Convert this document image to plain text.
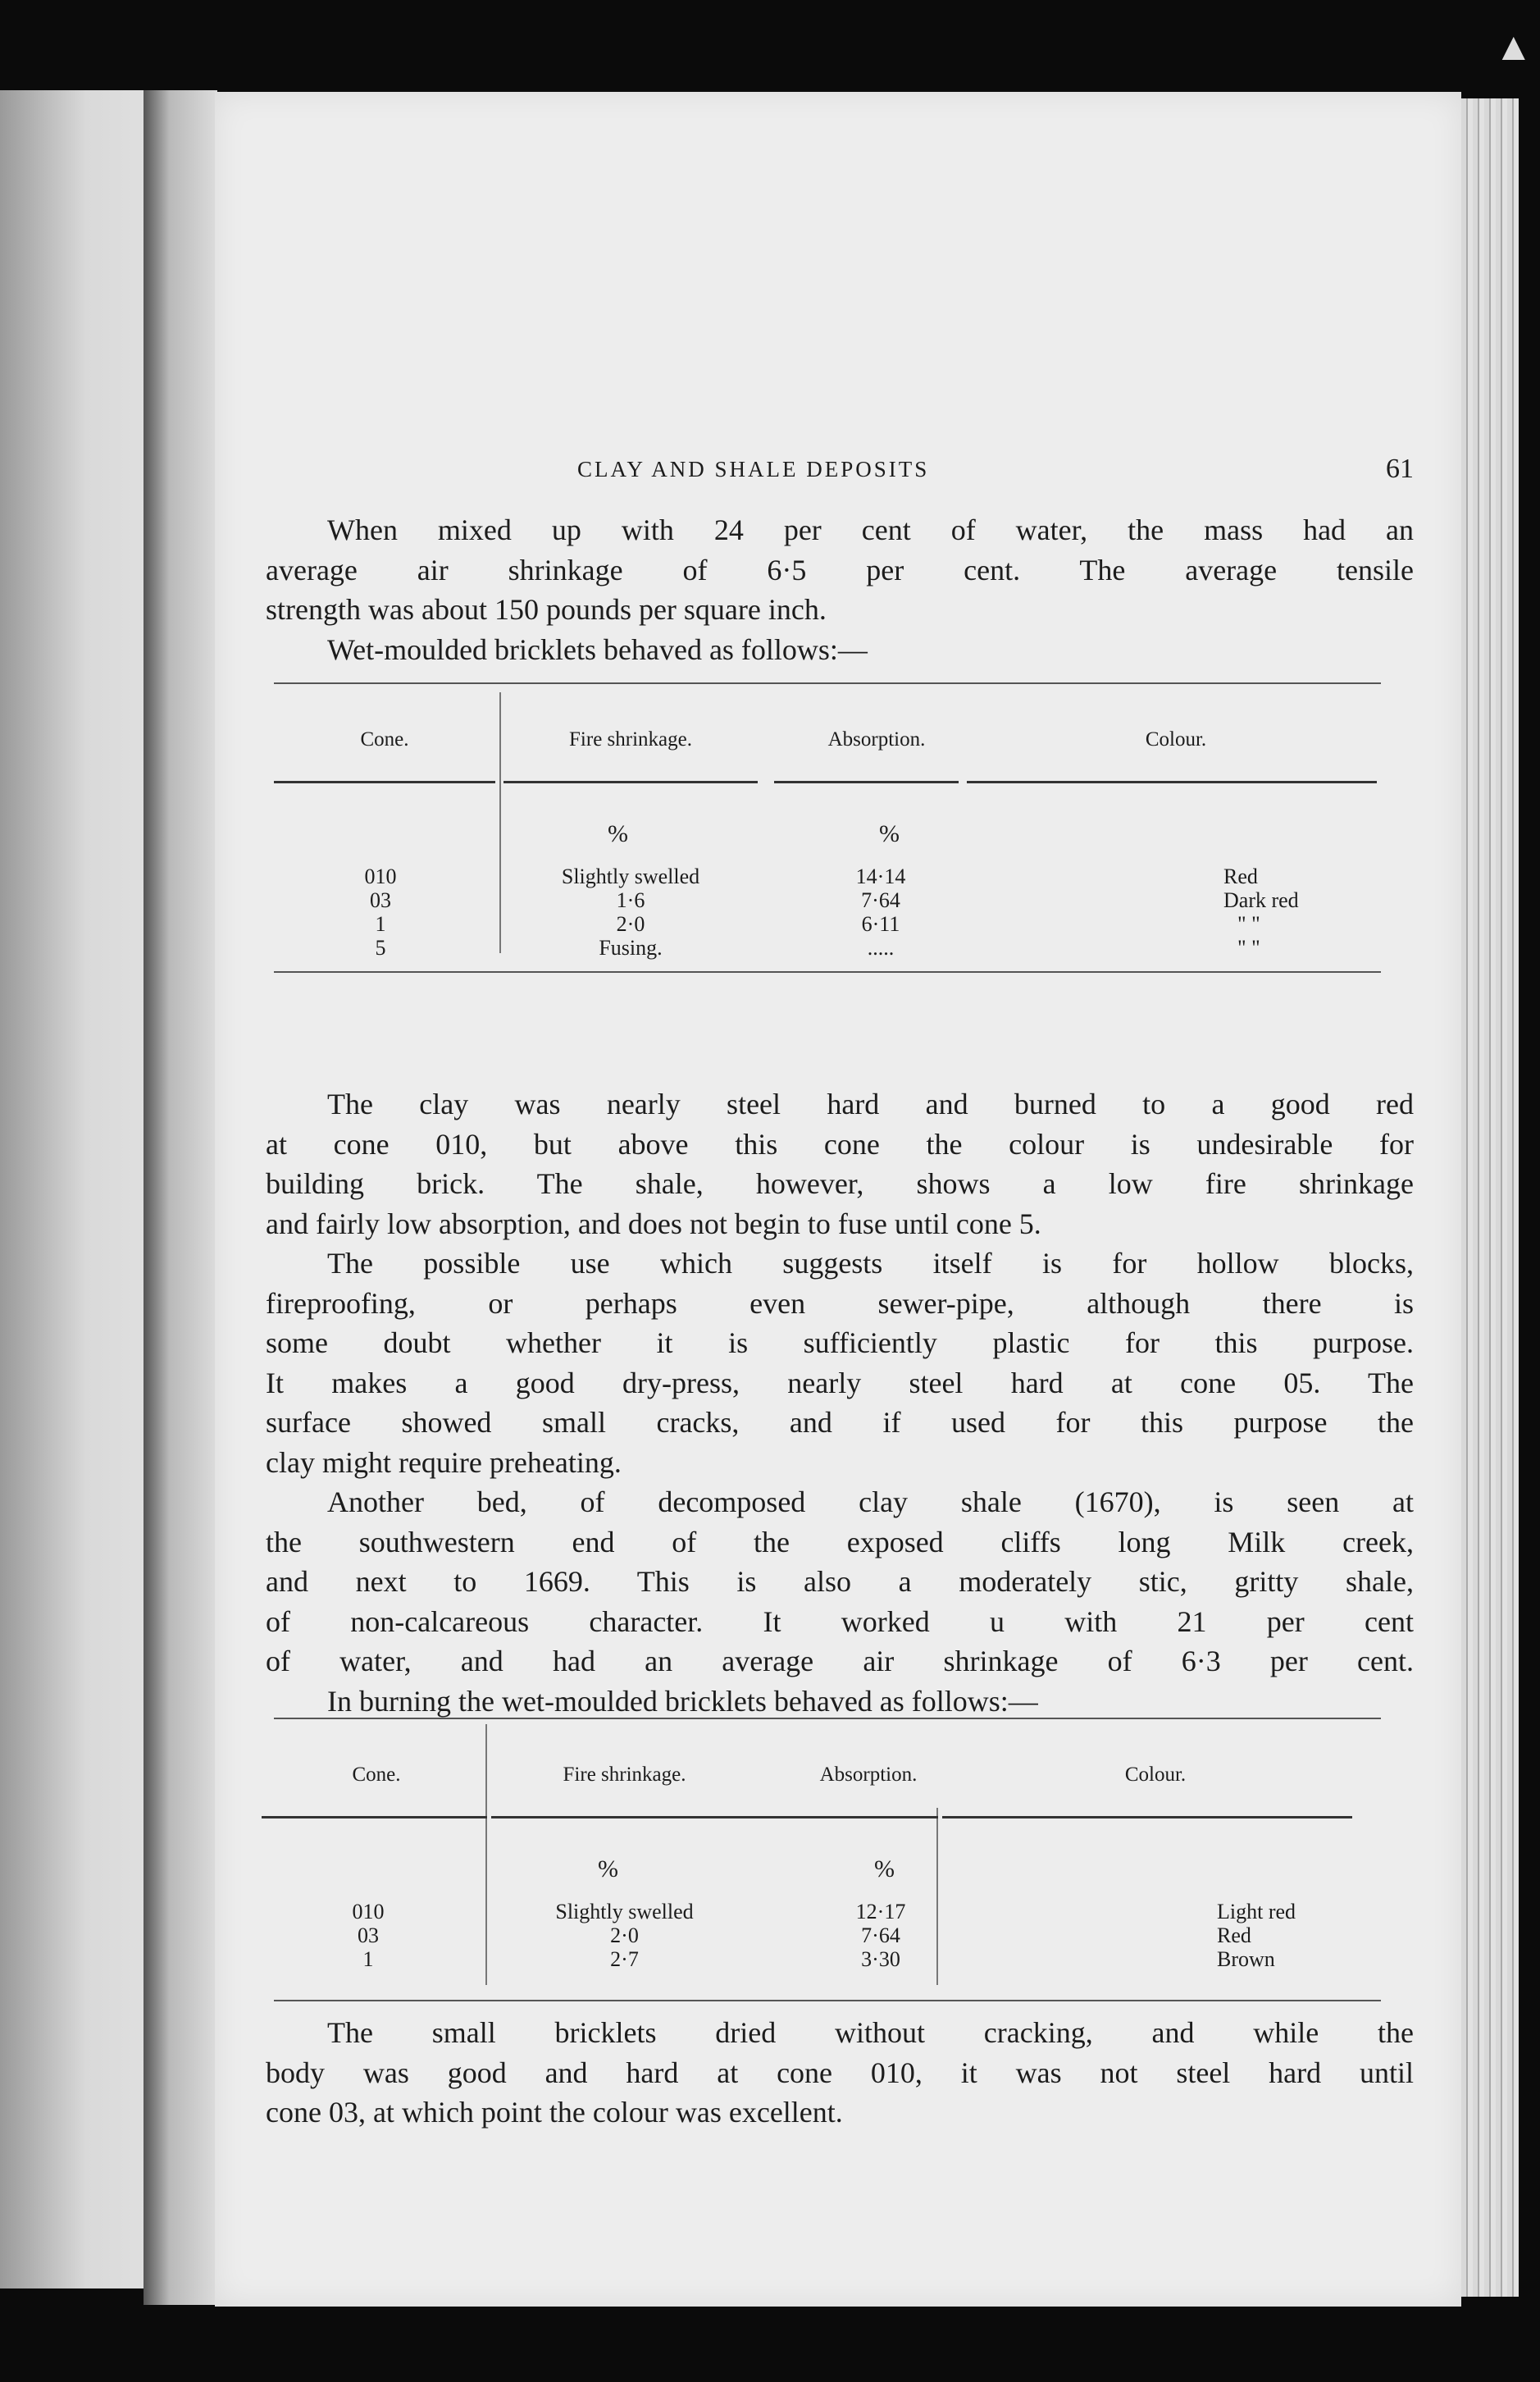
▲
CLAY AND SHALE DEPOSITS	61
When mixed up with 24 per cent of water, the mass had an
average air shrinkage of 6·5 per cent. The average tensile
strength was about 150 pounds per square inch.
Wet-moulded bricklets behaved as follows:—
Cone.	Fire shrinkage.	Absorption.	Colour.
%	%
010	Slightly swelled	14·14	Red
03	1·6	7·64	Dark red
1	2·0	6·11	" "
5	Fusing.	.....	" "
The clay was nearly steel hard and burned to a good red
at cone 010, but above this cone the colour is undesirable for
building brick. The shale, however, shows a low fire shrinkage
and fairly low absorption, and does not begin to fuse until cone 5.
The possible use which suggests itself is for hollow blocks,
fireproofing, or perhaps even sewer-pipe, although there is
some doubt whether it is sufficiently plastic for this purpose.
It makes a good dry-press, nearly steel hard at cone 05. The
surface showed small cracks, and if used for this purpose the
clay might require preheating.
Another bed, of decomposed clay shale (1670), is seen at
the southwestern end of the exposed cliffs long Milk creek,
and next to 1669. This is also a moderately stic, gritty shale,
of non-calcareous character. It worked u with 21 per cent
of water, and had an average air shrinkage of 6·3 per cent.
In burning the wet-moulded bricklets behaved as follows:—
Cone.	Fire shrinkage.	Absorption.	Colour.
%	%
010	Slightly swelled	12·17	Light red
03	2·0	7·64	Red
1	2·7	3·30	Brown
The small bricklets dried without cracking, and while the
body was good and hard at cone 010, it was not steel hard until
cone 03, at which point the colour was excellent.
